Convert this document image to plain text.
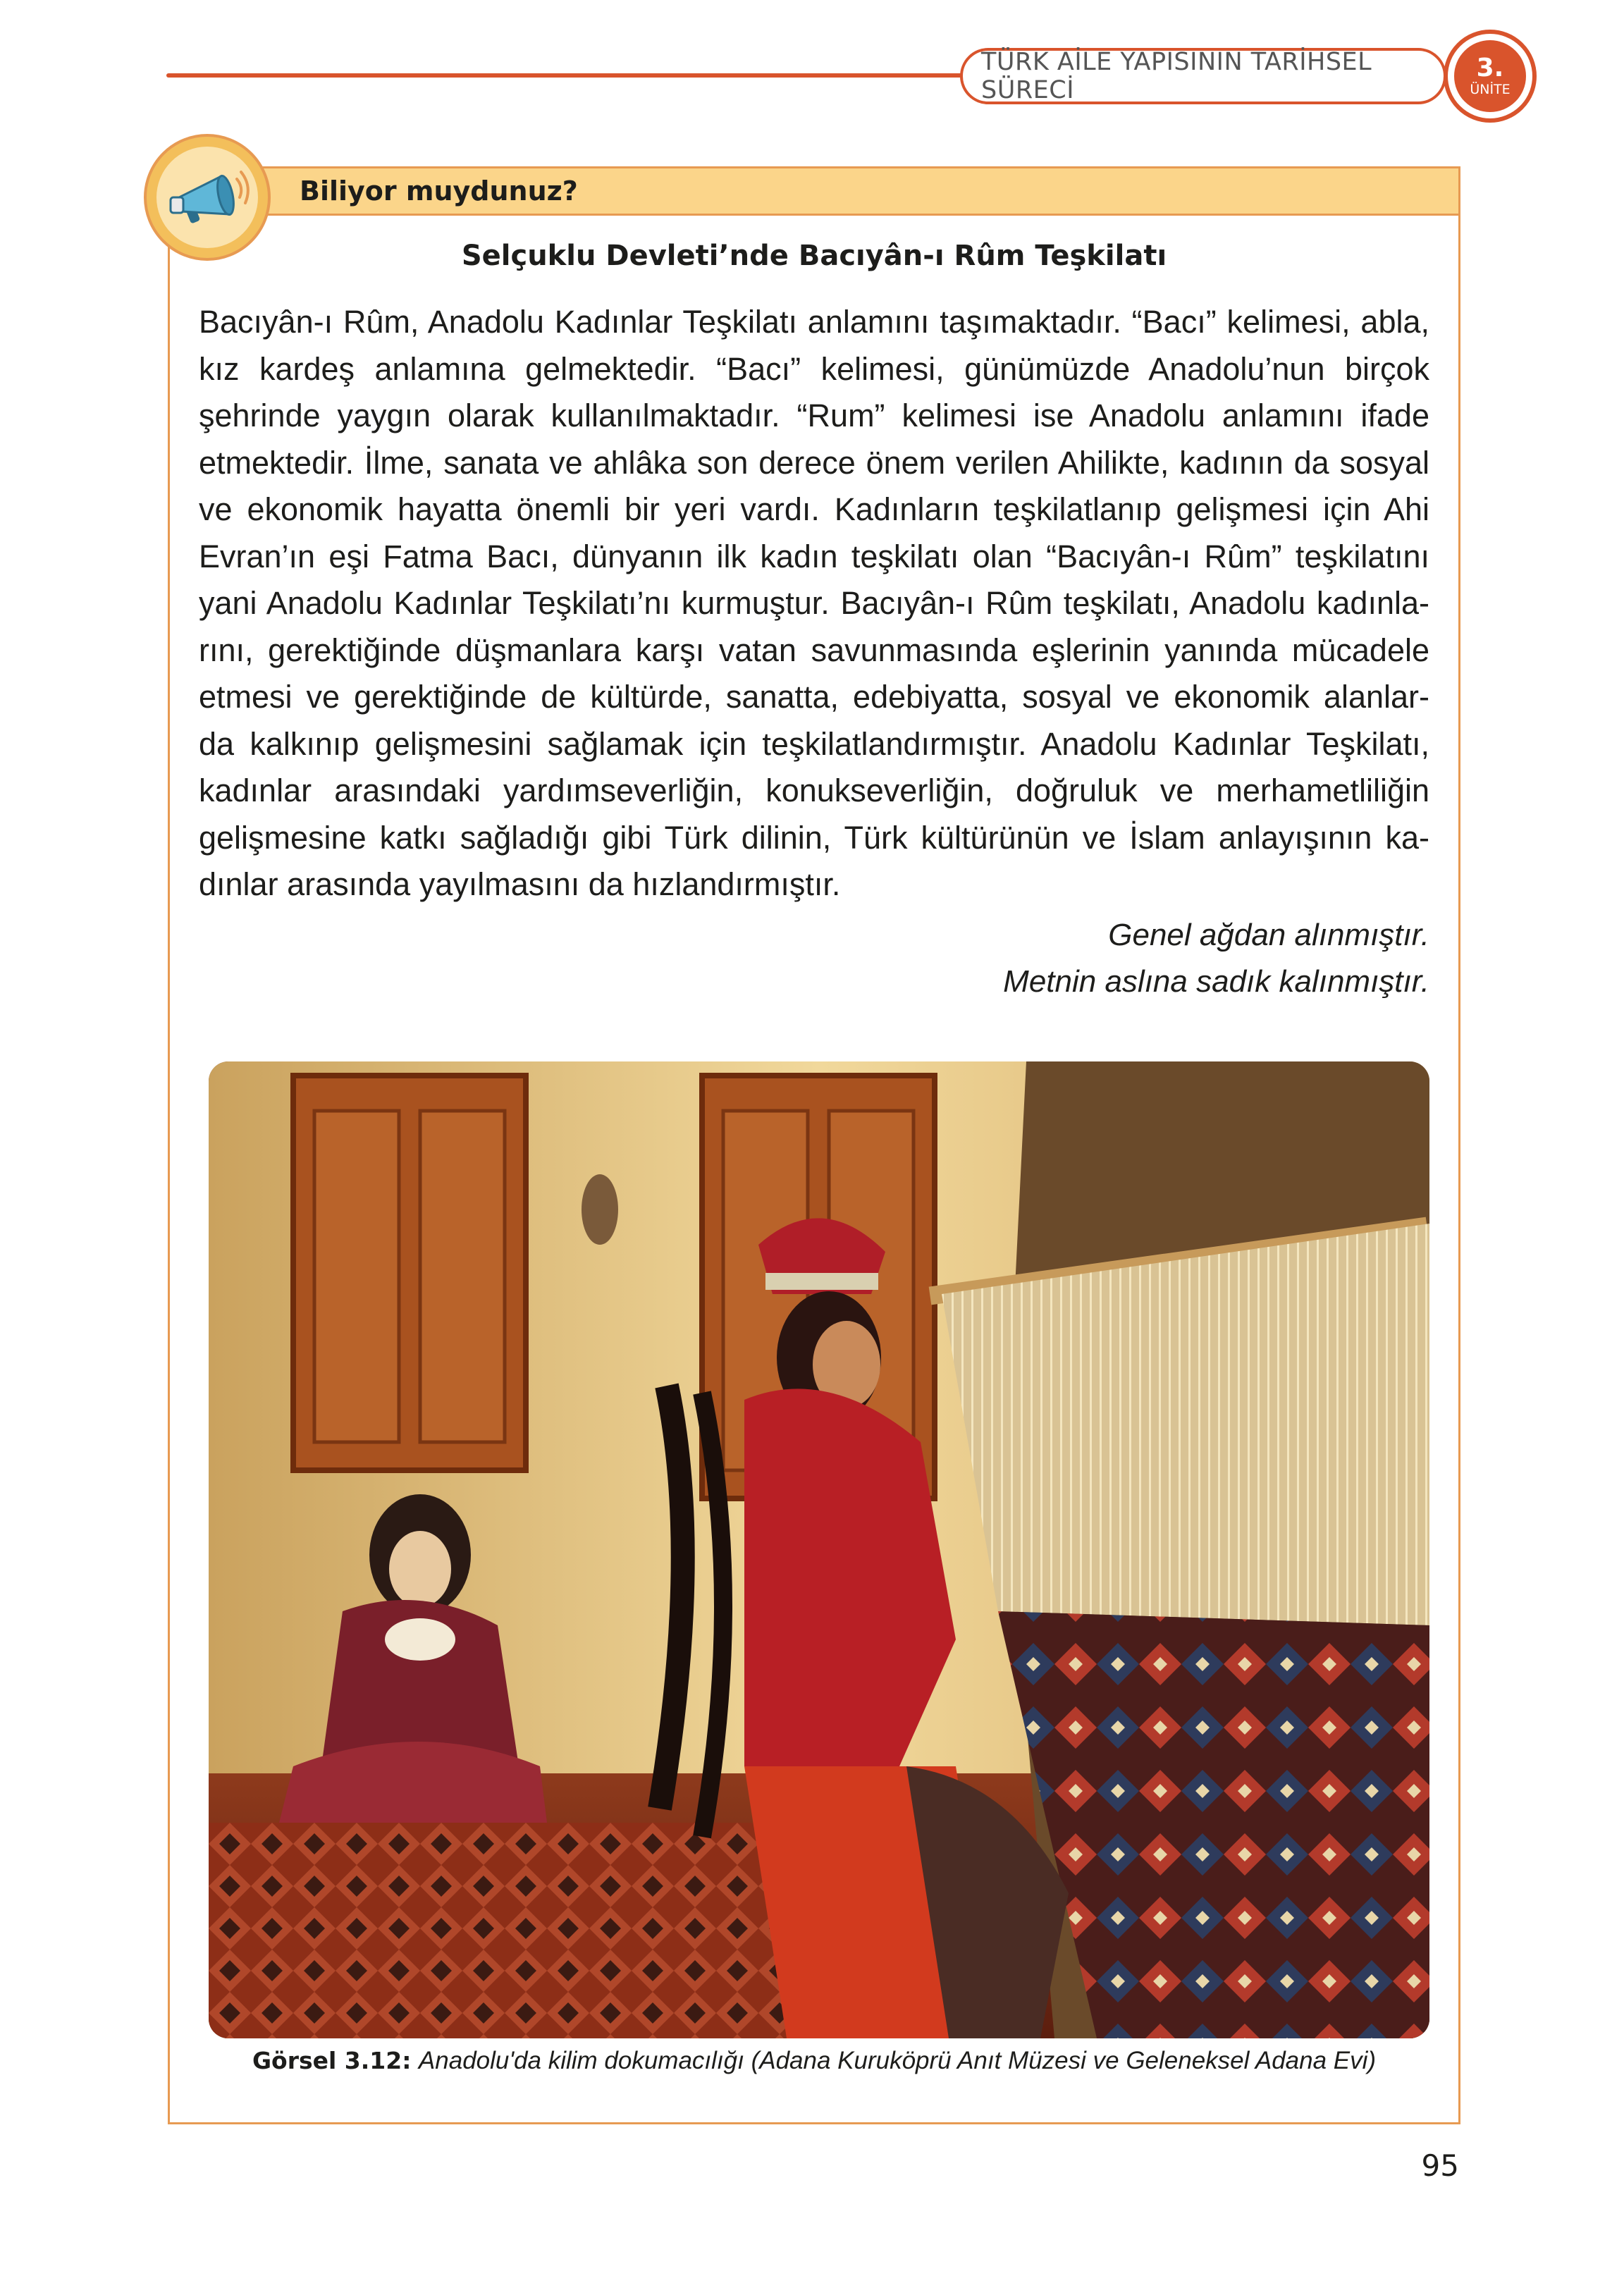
TÜRK AİLE YAPISININ TARİHSEL SÜRECİ
3.
ÜNİTE
Biliyor muydunuz?
Selçuklu Devleti’nde Bacıyân-ı Rûm Teşkilatı
Bacıyân-ı Rûm, Anadolu Kadınlar Teşkilatı anlamını taşımaktadır. “Bacı” kelimesi, abla,
kız kardeş anlamına gelmektedir. “Bacı” kelimesi, günümüzde Anadolu’nun birçok
şehrinde yaygın olarak kullanılmaktadır. “Rum” kelimesi ise Anadolu anlamını ifade
etmektedir. İlme, sanata ve ahlâka son derece önem verilen Ahilikte, kadının da sosyal
ve ekonomik hayatta önemli bir yeri vardı. Kadınların teşkilatlanıp gelişmesi için Ahi
Evran’ın eşi Fatma Bacı, dünyanın ilk kadın teşkilatı olan “Bacıyân-ı Rûm” teşkilatını
yani Anadolu Kadınlar Teşkilatı’nı kurmuştur. Bacıyân-ı Rûm teşkilatı, Anadolu kadınla-
rını, gerektiğinde düşmanlara karşı vatan savunmasında eşlerinin yanında mücadele
etmesi ve gerektiğinde de kültürde, sanatta, edebiyatta, sosyal ve ekonomik alanlar-
da kalkınıp gelişmesini sağlamak için teşkilatlandırmıştır. Anadolu Kadınlar Teşkilatı,
kadınlar arasındaki yardımseverliğin, konukseverliğin, doğruluk ve merhametliliğin
gelişmesine katkı sağladığı gibi Türk dilinin, Türk kültürünün ve İslam anlayışının ka-
dınlar arasında yayılmasını da hızlandırmıştır.
Genel ağdan alınmıştır.
Metnin aslına sadık kalınmıştır.
Görsel 3.12: Anadolu'da kilim dokumacılığı (Adana Kuruköprü Anıt Müzesi ve Geleneksel Adana Evi)
95
